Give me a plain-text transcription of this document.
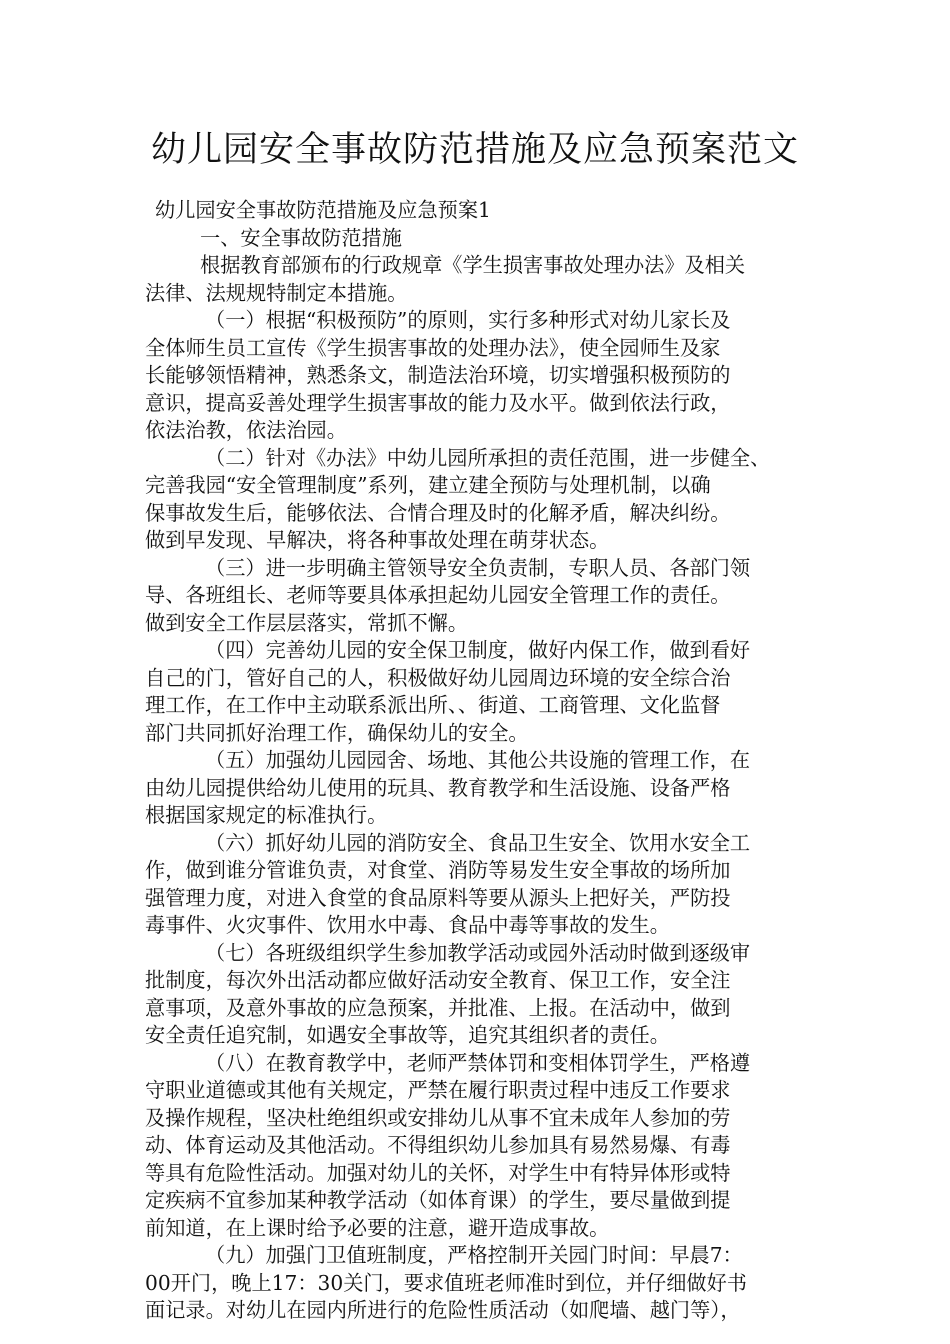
幼儿园安全事故防范措施及应急预案范文
幼儿园安全事故防范措施及应急预案1
一、安全事故防范措施
根据教育部颁布的行政规章《学生损害事故处理办法》及相关
法律、法规规特制定本措施。
（一）根据“积极预防”的原则，实行多种形式对幼儿家长及
全体师生员工宣传《学生损害事故的处理办法》，使全园师生及家
长能够领悟精神，熟悉条文，制造法治环境，切实增强积极预防的
意识，提高妥善处理学生损害事故的能力及水平。做到依法行政，
依法治教，依法治园。
（二）针对《办法》中幼儿园所承担的责任范围，进一步健全、
完善我园“安全管理制度”系列，建立建全预防与处理机制，以确
保事故发生后，能够依法、合情合理及时的化解矛盾，解决纠纷。
做到早发现、早解决，将各种事故处理在萌芽状态。
（三）进一步明确主管领导安全负责制，专职人员、各部门领
导、各班组长、老师等要具体承担起幼儿园安全管理工作的责任。
做到安全工作层层落实，常抓不懈。
（四）完善幼儿园的安全保卫制度，做好内保工作，做到看好
自己的门，管好自己的人，积极做好幼儿园周边环境的安全综合治
理工作，在工作中主动联系派出所、、街道、工商管理、文化监督
部门共同抓好治理工作，确保幼儿的安全。
（五）加强幼儿园园舍、场地、其他公共设施的管理工作，在
由幼儿园提供给幼儿使用的玩具、教育教学和生活设施、设备严格
根据国家规定的标准执行。
（六）抓好幼儿园的消防安全、食品卫生安全、饮用水安全工
作，做到谁分管谁负责，对食堂、消防等易发生安全事故的场所加
强管理力度，对进入食堂的食品原料等要从源头上把好关，严防投
毒事件、火灾事件、饮用水中毒、食品中毒等事故的发生。
（七）各班级组织学生参加教学活动或园外活动时做到逐级审
批制度，每次外出活动都应做好活动安全教育、保卫工作，安全注
意事项，及意外事故的应急预案，并批准、上报。在活动中，做到
安全责任追究制，如遇安全事故等，追究其组织者的责任。
（八）在教育教学中，老师严禁体罚和变相体罚学生，严格遵
守职业道德或其他有关规定，严禁在履行职责过程中违反工作要求
及操作规程，坚决杜绝组织或安排幼儿从事不宜未成年人参加的劳
动、体育运动及其他活动。不得组织幼儿参加具有易然易爆、有毒
等具有危险性活动。加强对幼儿的关怀，对学生中有特异体形或特
定疾病不宜参加某种教学活动（如体育课）的学生，要尽量做到提
前知道，在上课时给予必要的注意，避开造成事故。
（九）加强门卫值班制度，严格控制开关园门时间：早晨7：
00开门，晚上17：30关门，要求值班老师准时到位，并仔细做好书
面记录。对幼儿在园内所进行的危险性质活动（如爬墙、越门等），
